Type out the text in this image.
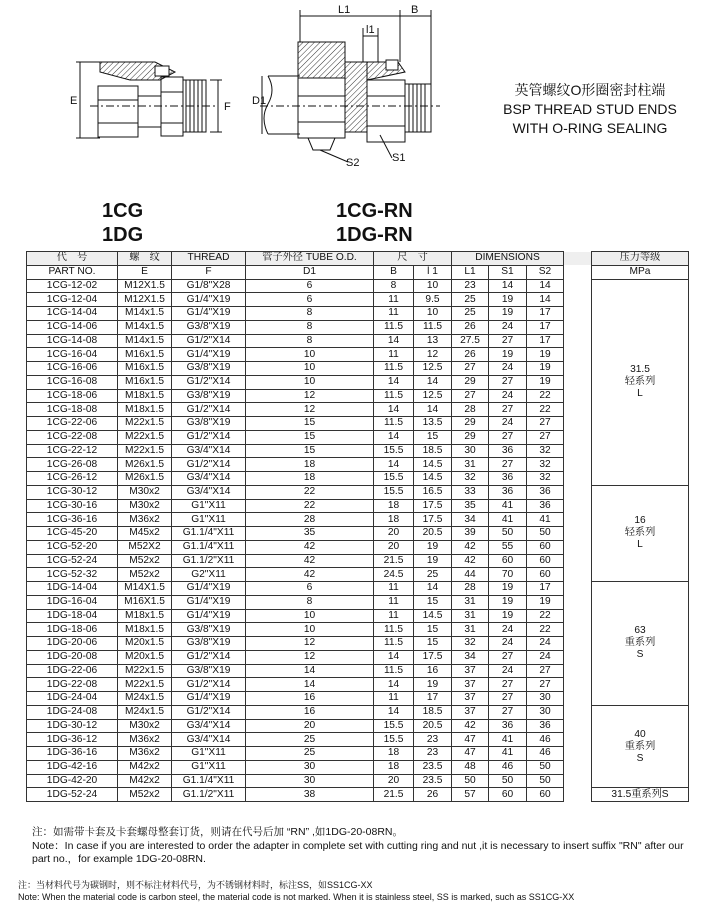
E	F
L1	B
l1
D1
S2	S1
英管螺纹O形圈密封柱端
BSP THREAD STUD ENDS
WITH O-RING SEALING
1CG
1DG
1CG-RN
1DG-RN
代　号	螺　纹	THREAD	管子外径 TUBE O.D.	尺　寸		DIMENSIONS				压力等级
PART NO.	E	F	D1	B	l 1	L1	S1	S2		MPa
1CG-12-02	M12X1.5	G1/8"X28	6	8	10	23	14	14		31.5
轻系列
L

1CG-12-04	M12X1.5	G1/4"X19	6	11	9.5	25	19	14		
1CG-14-04	M14x1.5	G1/4"X19	8	11	10	25	19	17		
1CG-14-06	M14x1.5	G3/8"X19	8	11.5	11.5	26	24	17		
1CG-14-08	M14x1.5	G1/2"X14	8	14	13	27.5	27	17		
1CG-16-04	M16x1.5	G1/4"X19	10	11	12	26	19	19		
1CG-16-06	M16x1.5	G3/8"X19	10	11.5	12.5	27	24	19		
1CG-16-08	M16x1.5	G1/2"X14	10	14	14	29	27	19		
1CG-18-06	M18x1.5	G3/8"X19	12	11.5	12.5	27	24	22		
1CG-18-08	M18x1.5	G1/2"X14	12	14	14	28	27	22		
1CG-22-06	M22x1.5	G3/8"X19	15	11.5	13.5	29	24	27		
1CG-22-08	M22x1.5	G1/2"X14	15	14	15	29	27	27		
1CG-22-12	M22x1.5	G3/4"X14	15	15.5	18.5	30	36	32		
1CG-26-08	M26x1.5	G1/2"X14	18	14	14.5	31	27	32		
1CG-26-12	M26x1.5	G3/4"X14	18	15.5	14.5	32	36	32		
1CG-30-12	M30x2	G3/4"X14	22	15.5	16.5	33	36	36		16
轻系列
L

1CG-30-16	M30x2	G1"X11	22	18	17.5	35	41	36		
1CG-36-16	M36x2	G1"X11	28	18	17.5	34	41	41		
1CG-45-20	M45x2	G1.1/4"X11	35	20	20.5	39	50	50		
1CG-52-20	M52X2	G1.1/4"X11	42	20	19	42	55	60		
1CG-52-24	M52x2	G1.1/2"X11	42	21.5	19	42	60	60		
1CG-52-32	M52x2	G2"X11	42	24.5	25	44	70	60		
1DG-14-04	M14X1.5	G1/4"X19	6	11	14	28	19	17		63
重系列
S

1DG-16-04	M16X1.5	G1/4"X19	8	11	15	31	19	19		
1DG-18-04	M18x1.5	G1/4"X19	10	11	14.5	31	19	22		
1DG-18-06	M18x1.5	G3/8"X19	10	11.5	15	31	24	22		
1DG-20-06	M20x1.5	G3/8"X19	12	11.5	15	32	24	24		
1DG-20-08	M20x1.5	G1/2"X14	12	14	17.5	34	27	24		
1DG-22-06	M22x1.5	G3/8"X19	14	11.5	16	37	24	27		
1DG-22-08	M22x1.5	G1/2"X14	14	14	19	37	27	27		
1DG-24-04	M24x1.5	G1/4"X19	16	11	17	37	27	30		
1DG-24-08	M24x1.5	G1/2"X14	16	14	18.5	37	27	30		40
重系列
S

1DG-30-12	M30x2	G3/4"X14	20	15.5	20.5	42	36	36		
1DG-36-12	M36x2	G3/4"X14	25	15.5	23	47	41	46		
1DG-36-16	M36x2	G1"X11	25	18	23	47	41	46		
1DG-42-16	M42x2	G1"X11	30	18	23.5	48	46	50		
1DG-42-20	M42x2	G1.1/4"X11	30	20	23.5	50	50	50		
1DG-52-24	M52x2	G1.1/2"X11	38	21.5	26	57	60	60		31.5重系列S
注：如需带卡套及卡套螺母整套订货，则请在代号后加 “RN” ,如1DG-20-08RN。
Note：In case if you are interested to order the adapter in complete set with cutting ring and nut ,it is necessary to insert suffix "RN" after our part no.，for example 1DG-20-08RN.
注：当材料代号为碳钢时，则不标注材料代号，为不锈钢材料时，标注SS，如SS1CG-XX
Note: When the material code is carbon steel, the material code is not marked. When it is stainless steel, SS is marked, such as SS1CG-XX
